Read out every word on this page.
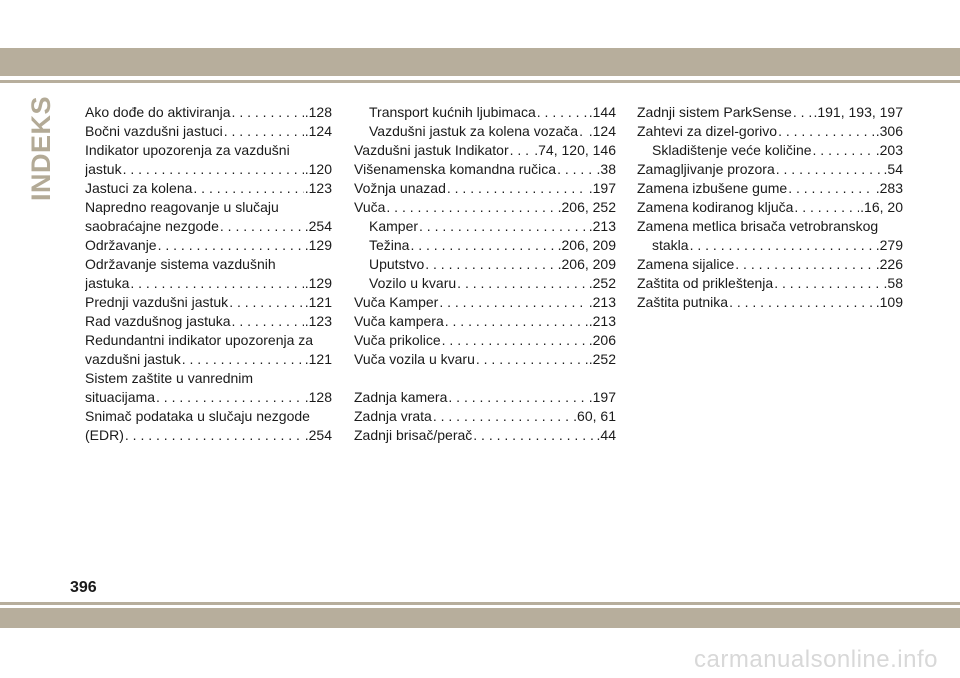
INDEKS Ako dođe do aktiviranja . . .	.128
Bočni vazdušni jastuci . . .	.124
Indikator upozorenja za vazdušni
jastuk . . .	.120
Jastuci za kolena . . .	.123
Napredno reagovanje u slučaju
saobraćajne nezgode . . .	.254
Održavanje . . .	.129
Održavanje sistema vazdušnih
jastuka . . .	.129
Prednji vazdušni jastuk . . .	.121
Rad vazdušnog jastuka . . .	.123
Redundantni indikator upozorenja za
vazdušni jastuk . . .	.121
Sistem zaštite u vanrednim
situacijama . . .	.128
Snimač podataka u slučaju nezgode
(EDR) . . .	.254
Transport kućnih ljubimaca . . .	.144
Vazdušni jastuk za kolena vozača . . . .124
Vazdušni jastuk Indikator . . . .74, 120, 146
Višenamenska komandna ručica . . .	.38
Vožnja unazad . . .	.197
Vuča . . .	.206, 252
Kamper . . .	.213
Težina . . .	.206, 209
Uputstvo . . .	.206, 209
Vozilo u kvaru . . .	.252
Vuča Kamper . . .	.213
Vuča kampera . . .	.213
Vuča prikolice . . .	.206
Vuča vozila u kvaru . . .	.252
Zadnja kamera . . .	.197
Zadnja vrata . . .	.60, 61
Zadnji brisač/perač . . .	.44
Zadnji sistem ParkSense . . . .191, 193, 197
Zahtevi za dizel-gorivo . . .	.306
Skladištenje veće količine . . .	.203
Zamagljivanje prozora . . .	.54
Zamena izbušene gume . . .	.283
Zamena kodiranog ključa . . .	.16, 20
Zamena metlica brisača vetrobranskog
stakla . . .	.279
Zamena sijalice . . .	.226
Zaštita od prikleštenja . . .	.58
Zaštita putnika . . .	.109
396
carmanualsonline.info
